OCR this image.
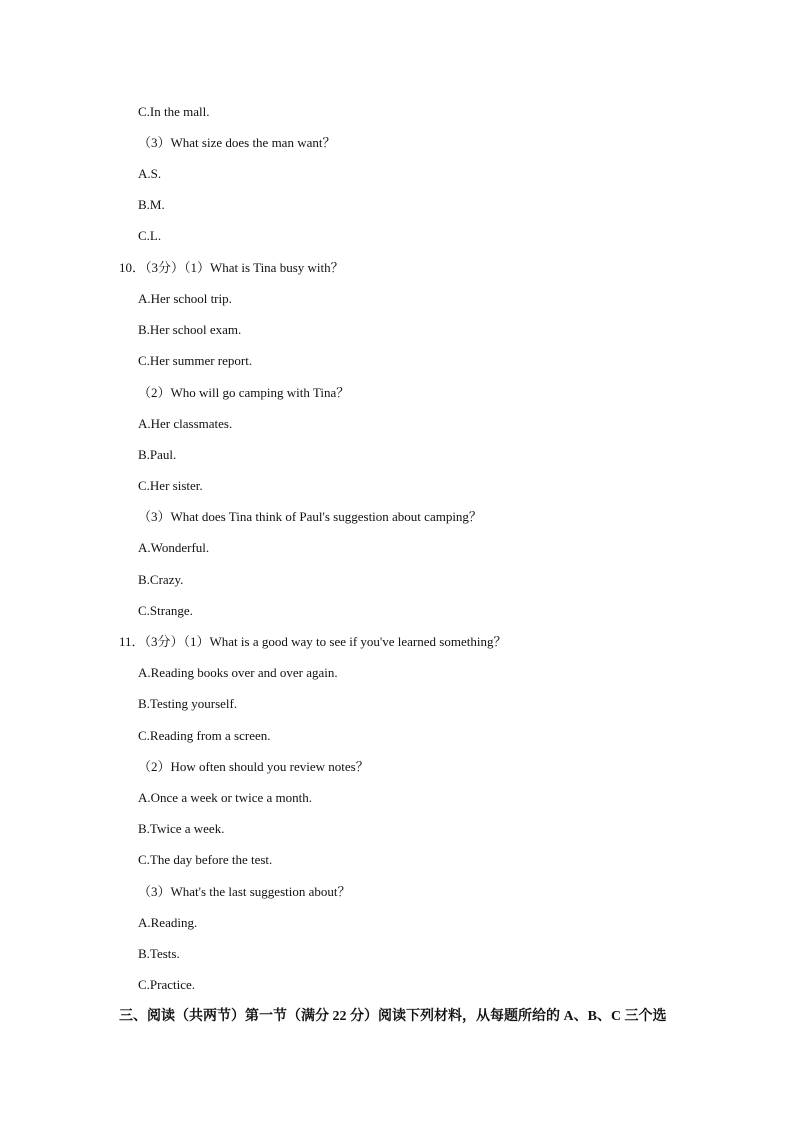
C.In the mall.
（3）What size does the man want？
A.S.
B.M.
C.L.
10．（3分）（1）What is Tina busy with？
A.Her school trip.
B.Her school exam.
C.Her summer report.
（2）Who will go camping with Tina？
A.Her classmates.
B.Paul.
C.Her sister.
（3）What does Tina think of Paul's suggestion about camping？
A.Wonderful.
B.Crazy.
C.Strange.
11．（3分）（1）What is a good way to see if you've learned something？
A.Reading books over and over again.
B.Testing yourself.
C.Reading from a screen.
（2）How often should you review notes？
A.Once a week or twice a month.
B.Twice a week.
C.The day before the test.
（3）What's the last suggestion about？
A.Reading.
B.Tests.
C.Practice.
三、阅读（共两节）第一节（满分 22 分）阅读下列材料，从每题所给的 A、B、C 三个选
